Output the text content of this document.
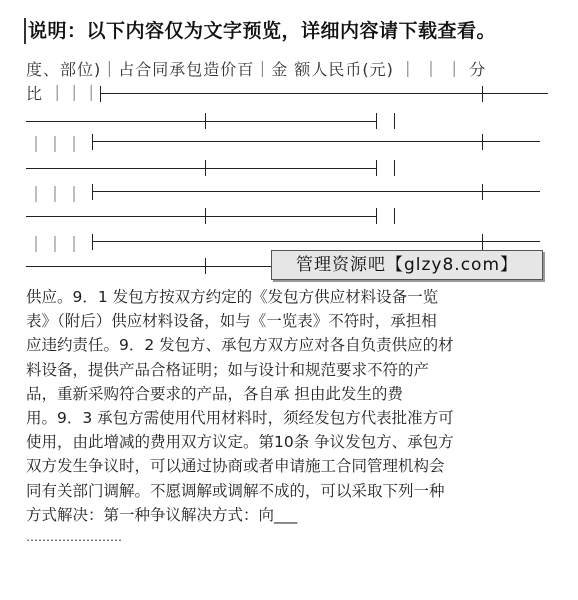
说明：以下内容仅为文字预览，详细内容请下载查看。
度、部位)｜占合同承包造价百｜金 额人民币(元) ｜ ｜ ｜ 分
比 ｜｜｜
｜｜｜
｜｜｜
｜｜｜
管理资源吧【glzy8.com】

供应。9．1 发包方按双方约定的《发包方供应材料设备一览

表》（附后）供应材料设备，如与《一览表》不符时，承担相

应违约责任。9．2 发包方、承包方双方应对各自负责供应的材

料设备，提供产品合格证明；如与设计和规范要求不符的产

品，重新采购符合要求的产品，各自承 担由此发生的费

用。9．3 承包方需使用代用材料时，须经发包方代表批准方可

使用，由此增减的费用双方议定。第10条 争议发包方、承包方

双方发生争议时，可以通过协商或者申请施工合同管理机构会

同有关部门调解。不愿调解或调解不成的，可以采取下列一种

方式解决：第一种争议解决方式：向___

……………………
